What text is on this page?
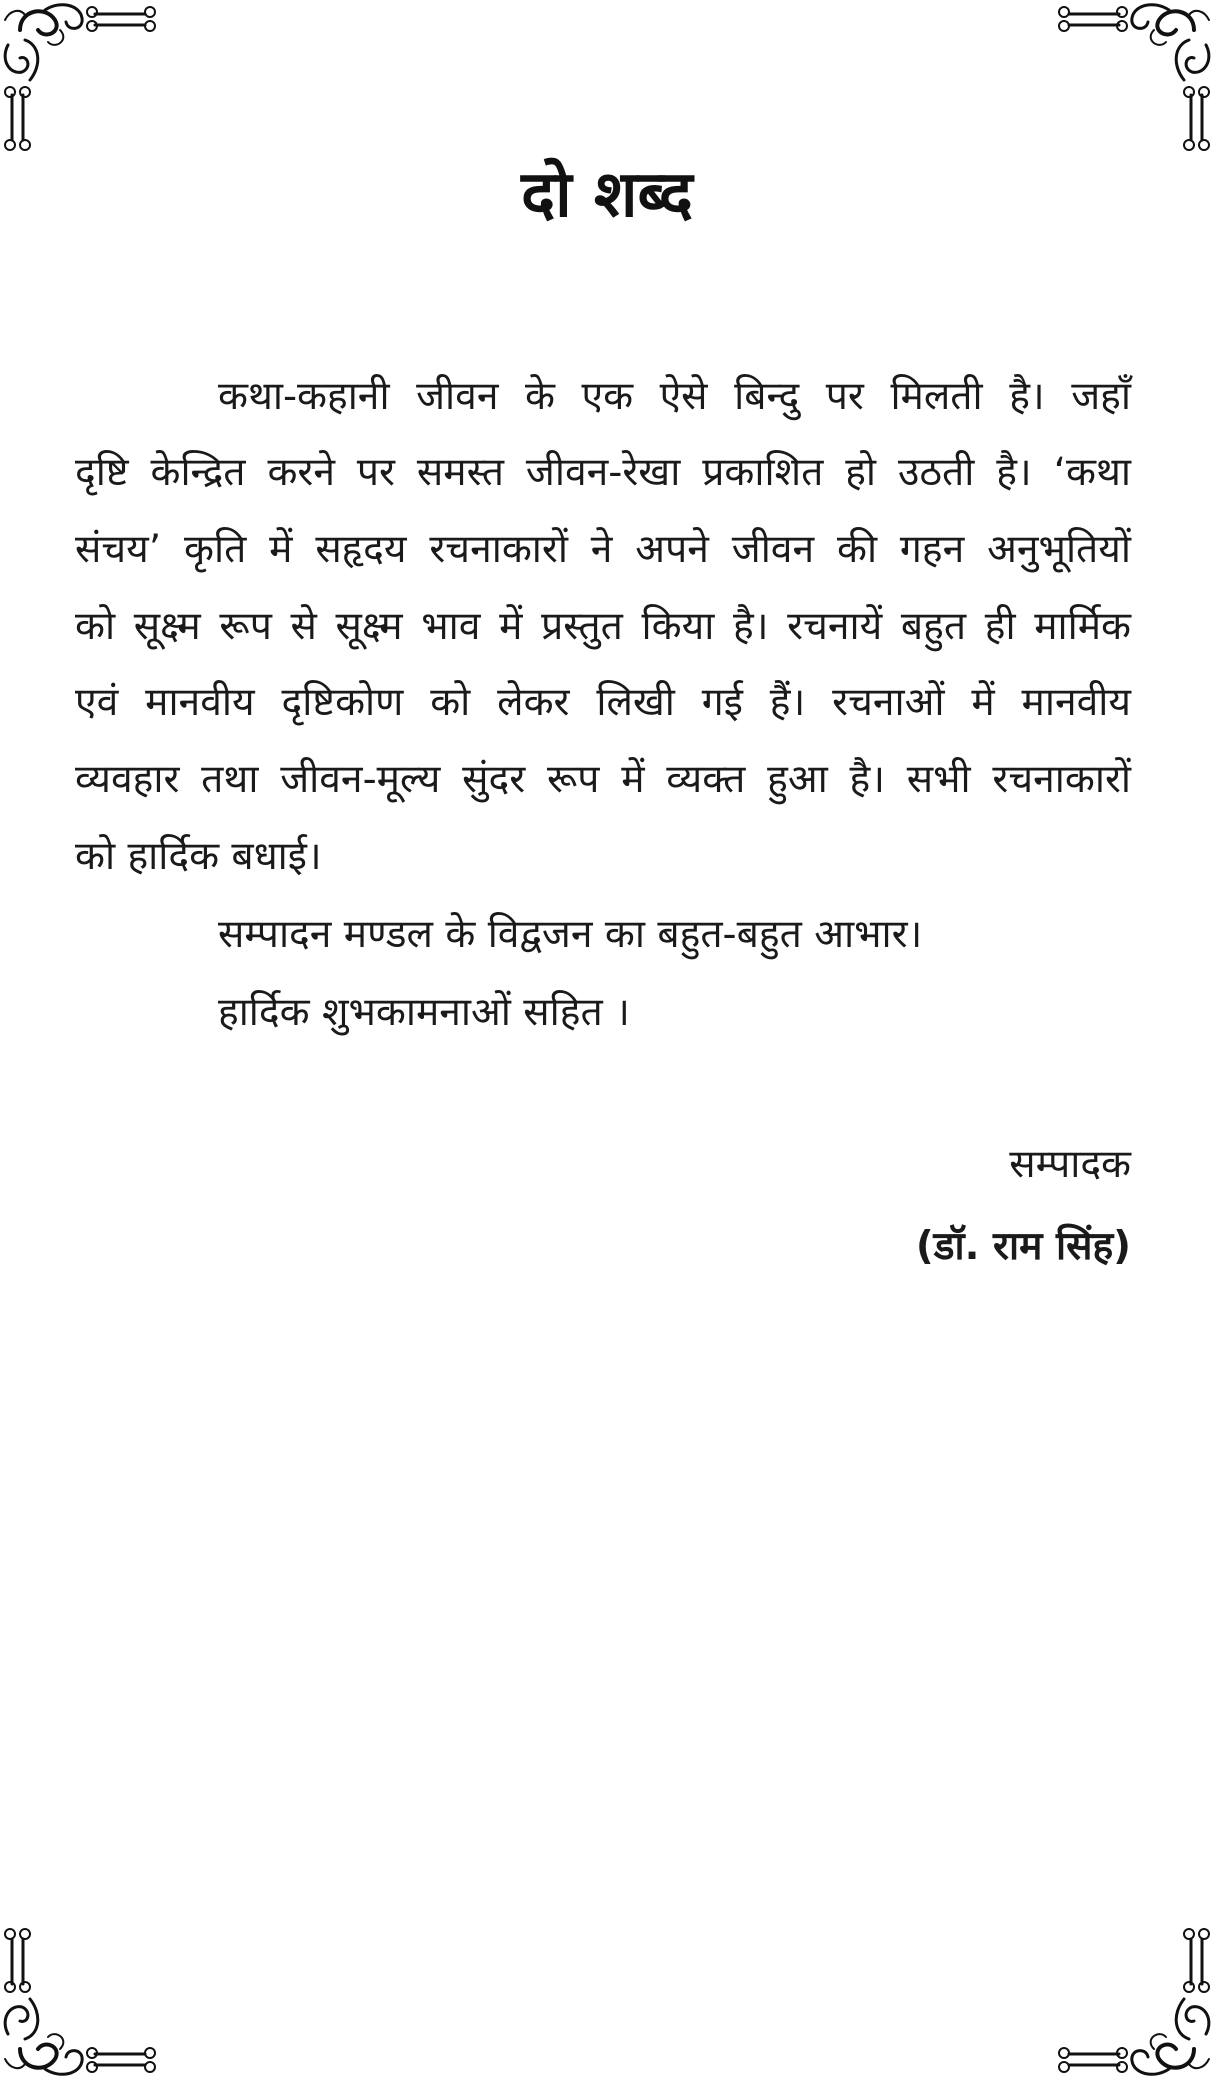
दो शब्द
कथा-कहानी जीवन के एक ऐसे बिन्दु पर मिलती है। जहाँ
दृष्टि केन्द्रित करने पर समस्त जीवन-रेखा प्रकाशित हो उठती है। ‘कथा
संचय’ कृति में सहृदय रचनाकारों ने अपने जीवन की गहन अनुभूतियों
को सूक्ष्म रूप से सूक्ष्म भाव में प्रस्तुत किया है। रचनायें बहुत ही मार्मिक
एवं मानवीय दृष्टिकोण को लेकर लिखी गई हैं। रचनाओं में मानवीय
व्यवहार तथा जीवन-मूल्य सुंदर रूप में व्यक्त हुआ है। सभी रचनाकारों
को हार्दिक बधाई।
सम्पादन मण्डल के विद्वजन का बहुत-बहुत आभार।
हार्दिक शुभकामनाओं सहित ।
सम्पादक
(डॉ. राम सिंह)
